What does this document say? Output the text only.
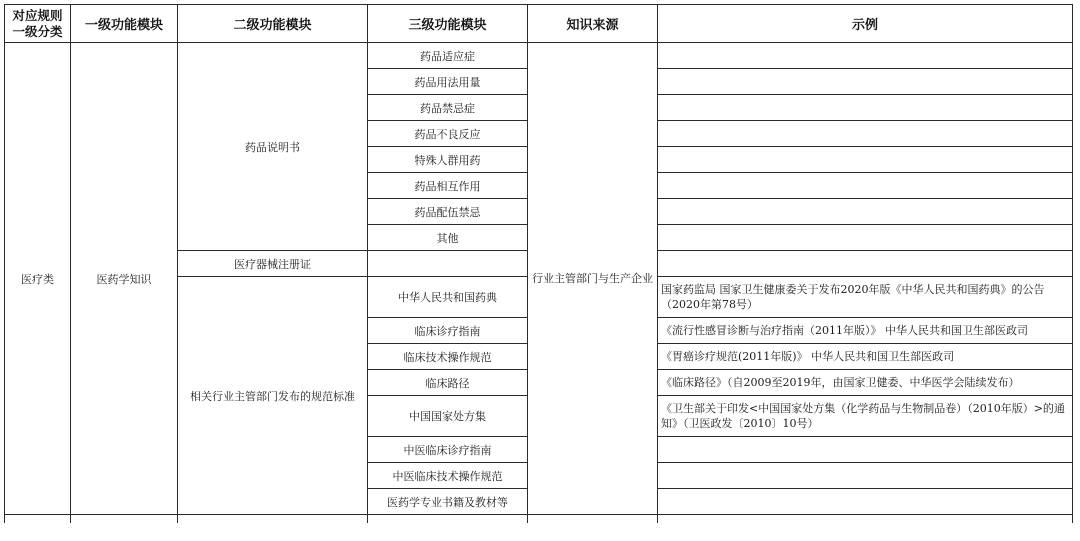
对应规则
一级分类	一级功能模块	二级功能模块	三级功能模块	知识来源	示例
医疗类	医药学知识	药品说明书	药品适应症	行业主管部门与生产企业	
			药品用法用量		
			药品禁忌症		
			药品不良反应		
			特殊人群用药		
			药品相互作用		
			药品配伍禁忌		
			其他		
		医疗器械注册证			
		相关行业主管部门发布的规范标准	中华人民共和国药典		国家药监局 国家卫生健康委关于发布2020年版《中华人民共和国药典》的公告（2020年第78号）
			临床诊疗指南		《流行性感冒诊断与治疗指南（2011年版）》 中华人民共和国卫生部医政司
			临床技术操作规范		《胃癌诊疗规范(2011年版)》 中华人民共和国卫生部医政司
			临床路径		《临床路径》（自2009至2019年，由国家卫健委、中华医学会陆续发布）
			中国国家处方集		《卫生部关于印发<中国国家处方集（化学药品与生物制品卷）（2010年版）>的通知》（卫医政发〔2010〕10号）
			中医临床诊疗指南		
			中医临床技术操作规范		
			医药学专业书籍及教材等		
